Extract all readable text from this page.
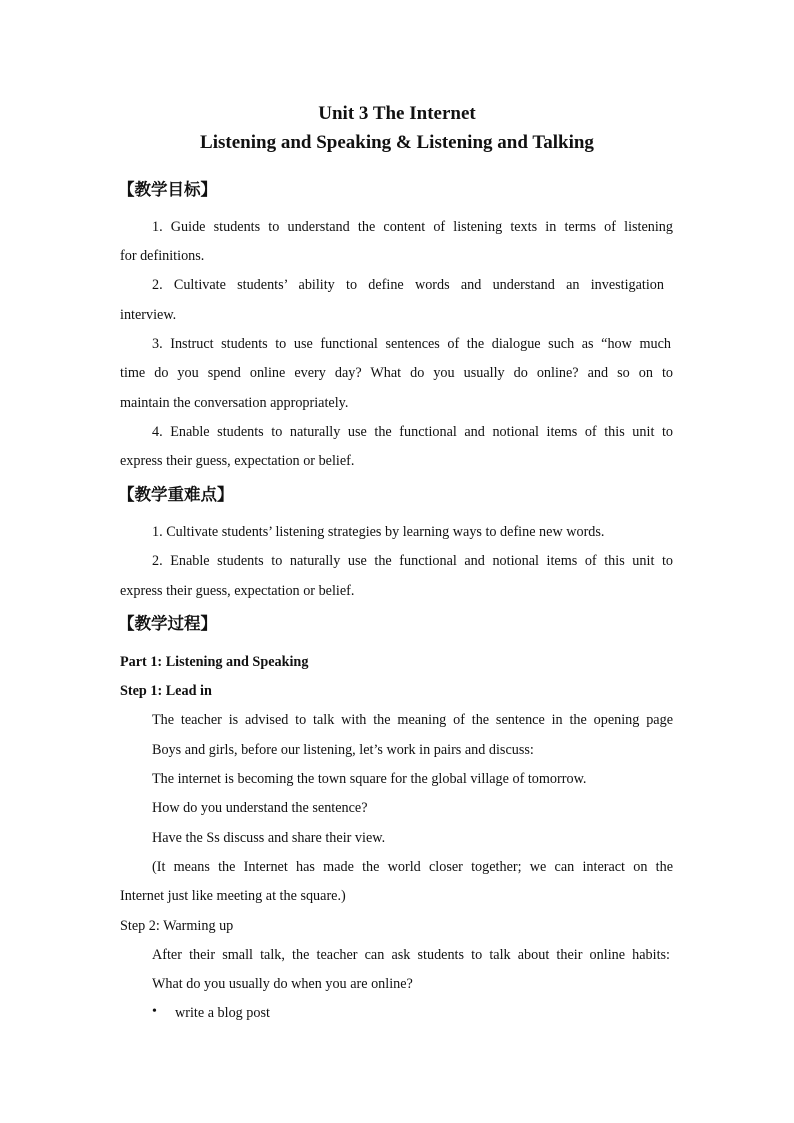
Unit 3 The Internet
Listening and Speaking & Listening and Talking
【教学目标】
1. Guide students to understand the content of listening texts in terms of listening
for definitions.
2. Cultivate students’ ability to define words and understand an investigation
interview.
3. Instruct students to use functional sentences of the dialogue such as “how much
time do you spend online every day? What do you usually do online? and so on to
maintain the conversation appropriately.
4. Enable students to naturally use the functional and notional items of this unit to
express their guess, expectation or belief.
【教学重难点】
1. Cultivate students’ listening strategies by learning ways to define new words.
2. Enable students to naturally use the functional and notional items of this unit to
express their guess, expectation or belief.
【教学过程】
Part 1: Listening and Speaking
Step 1: Lead in
The teacher is advised to talk with the meaning of the sentence in the opening page
Boys and girls, before our listening, let’s work in pairs and discuss:
The internet is becoming the town square for the global village of tomorrow.
How do you understand the sentence?
Have the Ss discuss and share their view.
(It means the Internet has made the world closer together; we can interact on the
Internet just like meeting at the square.)
Step 2: Warming up
After their small talk, the teacher can ask students to talk about their online habits:
What do you usually do when you are online?
• write a blog post
